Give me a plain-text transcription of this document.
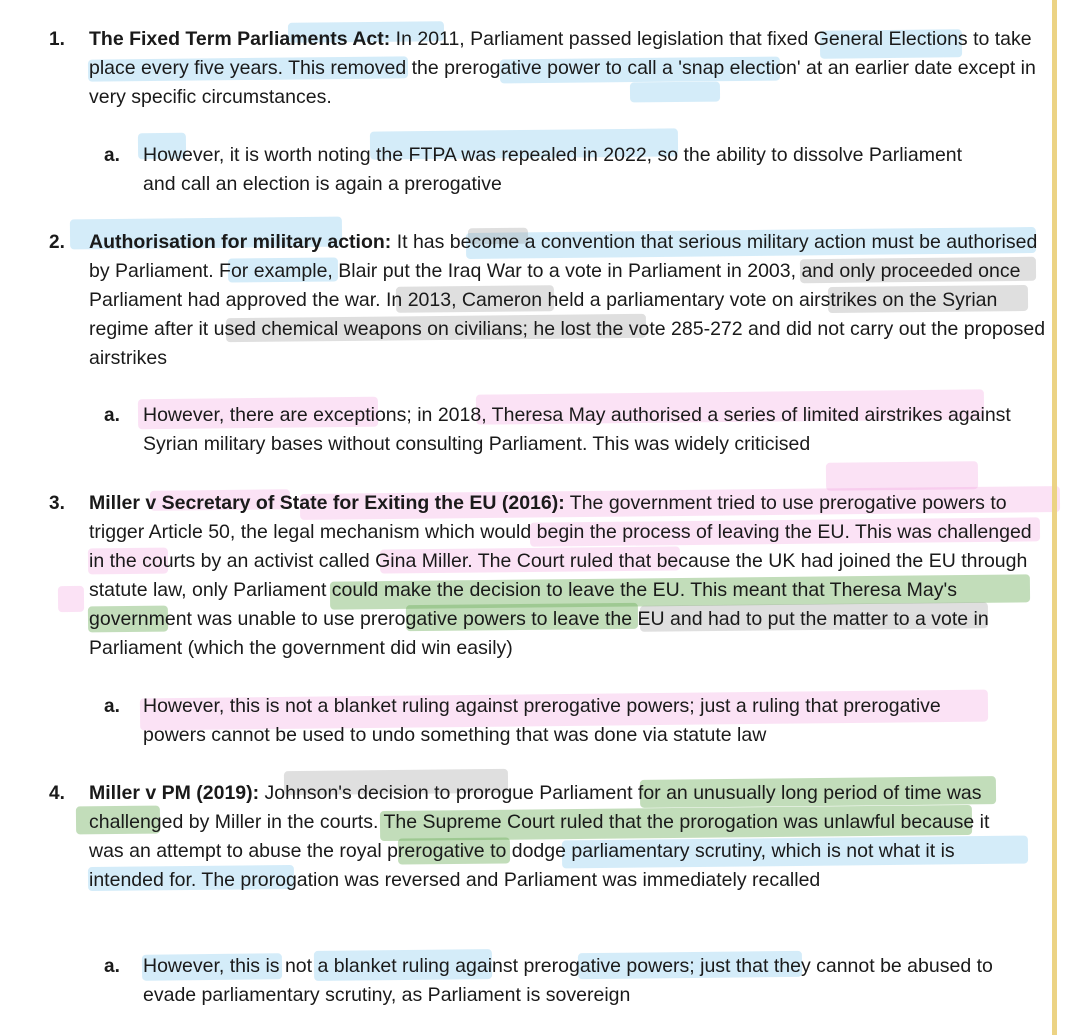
1. The Fixed Term Parliaments Act: In 2011, Parliament passed legislation that fixed General Elections to take place every five years. This removed the prerogative power to call a 'snap election' at an earlier date except in very specific circumstances.

a. However, it is worth noting the FTPA was repealed in 2022, so the ability to dissolve Parliament and call an election is again a prerogative

2. Authorisation for military action: It has become a convention that serious military action must be authorised by Parliament. For example, Blair put the Iraq War to a vote in Parliament in 2003, and only proceeded once Parliament had approved the war. In 2013, Cameron held a parliamentary vote on airstrikes on the Syrian regime after it used chemical weapons on civilians; he lost the vote 285-272 and did not carry out the proposed airstrikes

a. However, there are exceptions; in 2018, Theresa May authorised a series of limited airstrikes against Syrian military bases without consulting Parliament. This was widely criticised

3. Miller v Secretary of State for Exiting the EU (2016): The government tried to use prerogative powers to trigger Article 50, the legal mechanism which would begin the process of leaving the EU. This was challenged in the courts by an activist called Gina Miller. The Court ruled that because the UK had joined the EU through statute law, only Parliament could make the decision to leave the EU. This meant that Theresa May's government was unable to use prerogative powers to leave the EU and had to put the matter to a vote in Parliament (which the government did win easily)

a. However, this is not a blanket ruling against prerogative powers; just a ruling that prerogative powers cannot be used to undo something that was done via statute law

4. Miller v PM (2019): Johnson's decision to prorogue Parliament for an unusually long period of time was challenged by Miller in the courts. The Supreme Court ruled that the prorogation was unlawful because it was an attempt to abuse the royal prerogative to dodge parliamentary scrutiny, which is not what it is intended for. The prorogation was reversed and Parliament was immediately recalled

a. However, this is not a blanket ruling against prerogative powers; just that they cannot be abused to evade parliamentary scrutiny, as Parliament is sovereign
